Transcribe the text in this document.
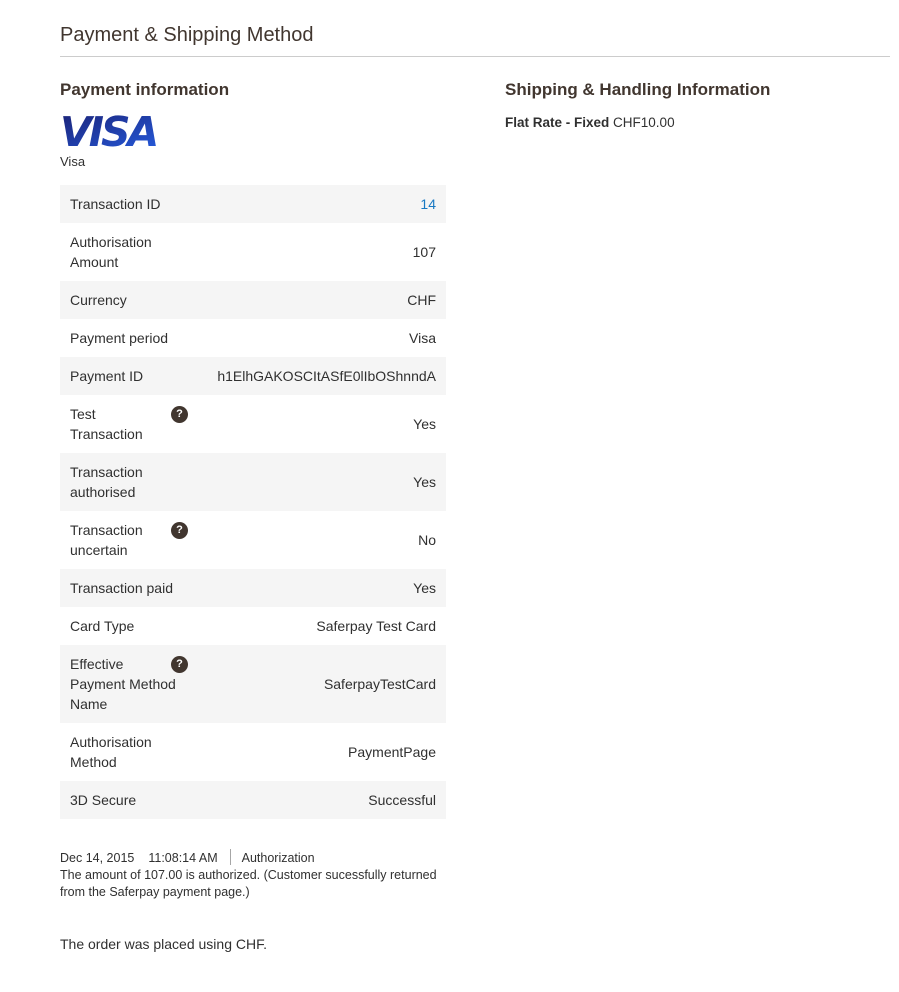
Payment & Shipping Method
Payment information
VISA
Visa
Transaction ID	14
Authorisation Amount	107
Currency	CHF
Payment period	Visa
Payment ID	h1ElhGAKOSCItASfE0lIbOShnndA

?
Test Transaction	Yes
Transaction authorised	Yes

?
Transaction uncertain	No
Transaction paid	Yes
Card Type	Saferpay Test Card

?
Effective Payment Method Name	SaferpayTestCard
Authorisation Method	PaymentPage
3D Secure	Successful
Dec 14, 2015 11:08:14 AM Authorization
The amount of 107.00 is authorized. (Customer sucessfully returned from the Saferpay payment page.)

The order was placed using CHF.

Shipping & Handling Information
Flat Rate - Fixed CHF10.00
